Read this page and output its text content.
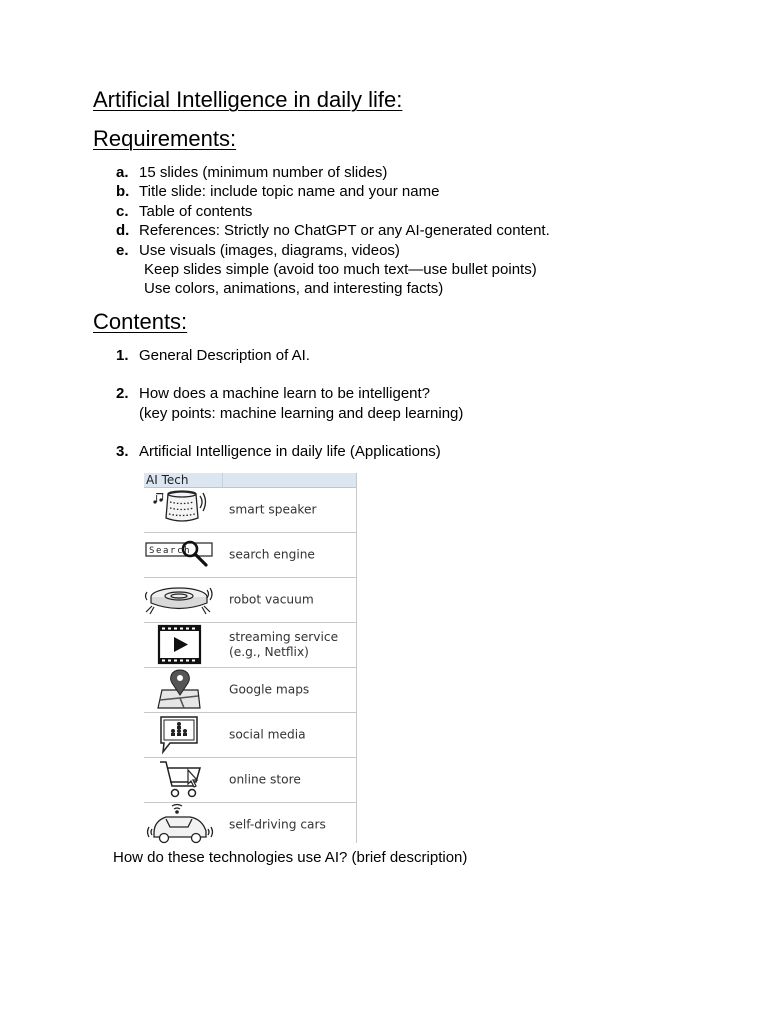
Artificial Intelligence in daily life:
Requirements:
a. 15 slides (minimum number of slides)
b. Title slide: include topic name and your name
c. Table of contents
d. References: Strictly no ChatGPT or any AI-generated content.
e. Use visuals (images, diagrams, videos)
Keep slides simple (avoid too much text—use bullet points)
Use colors, animations, and interesting facts)
Contents:
1. General Description of AI.
2. How does a machine learn to be intelligent?
(key points: machine learning and deep learning)
3. Artificial Intelligence in daily life (Applications)
AI Tech
smart speaker
Search	search engine
robot vacuum
streaming service
(e.g., Netflix)
Google maps
social media
online store
self-driving cars
How do these technologies use AI? (brief description)
